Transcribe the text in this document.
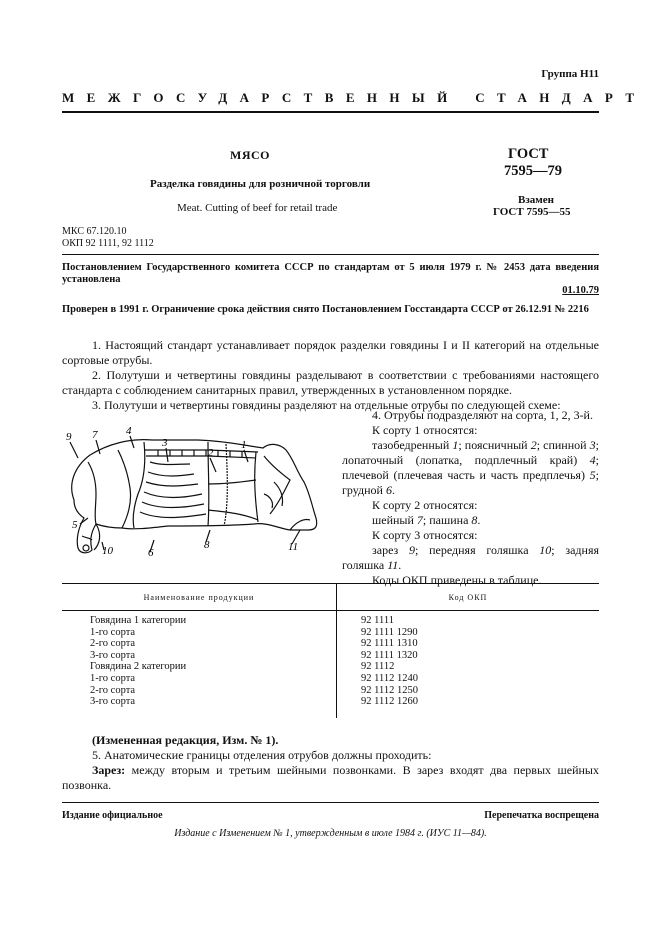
Группа Н11
МЕЖГОСУДАРСТВЕННЫЙ СТАНДАРТ
МЯСО
Разделка говядины для розничной торговли
Meat. Cutting of beef for retail trade
ГОСТ
7595—79
Взамен
ГОСТ 7595—55
МКС 67.120.10
ОКП 92 1111, 92 1112
Постановлением Государственного комитета СССР по стандартам от 5 июля 1979 г. № 2453 дата введения установлена
01.10.79
Проверен в 1991 г. Ограничение срока действия снято Постановлением Госстандарта СССР от 26.12.91 № 2216

1. Настоящий стандарт устанавливает порядок разделки говядины I и II категорий на отдельные сортовые отрубы.

2. Полутуши и четвертины говядины разделывают в соответствии с требованиями настоящего стандарта с соблюдением санитарных правил, утвержденных в установленном порядке.

3. Полутуши и четвертины говядины разделяют на отдельные отрубы по следующей схеме:

9 7	4
3
2
1
5
10	6
8	11

4. Отрубы подразделяют на сорта, 1, 2, 3-й.

К сорту 1 относятся:

тазобедренный 1; поясничный 2; спинной 3; лопаточный (лопатка, подплечный край) 4; плечевой (плечевая часть и часть предплечья) 5; грудной 6.

К сорту 2 относятся:

шейный 7; пашина 8.

К сорту 3 относятся:

зарез 9; передняя голяшка 10; задняя голяшка 11.

Коды ОКП приведены в таблице.

Наименование продукции	Код ОКП
Говядина 1 категории	92 1111
1-го сорта	92 1111 1290
2-го сорта	92 1111 1310
3-го сорта	92 1111 1320
Говядина 2 категории	92 1112
1-го сорта	92 1112 1240
2-го сорта	92 1112 1250
3-го сорта	92 1112 1260

(Измененная редакция, Изм. № 1).

5. Анатомические границы отделения отрубов должны проходить:

Зарез: между вторым и третьим шейными позвонками. В зарез входят два первых шейных позвонка.

Издание официальное	Перепечатка воспрещена
Издание с Изменением № 1, утвержденным в июле 1984 г. (ИУС 11—84).
